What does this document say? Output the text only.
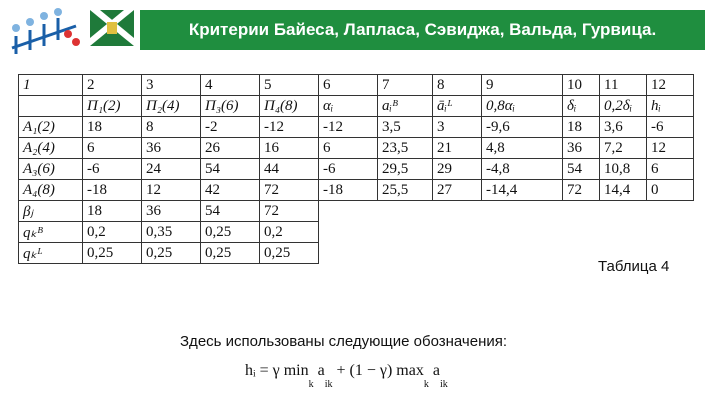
Критерии Байеса, Лапласа, Сэвиджа, Вальда, Гурвица.
1	2	3	4	5	6	7	8	9	10	11	12
	П₁(2)	П₂(4)	П₃(6)	П₄(8)	αᵢ	aᵢᴮ	āᵢᴸ	0,8αᵢ	δᵢ	0,2δᵢ	hᵢ
A₁(2)	18	8	-2	-12	-12	3,5	3	-9,6	18	3,6	-6
A₂(4)	6	36	26	16	6	23,5	21	4,8	36	7,2	12
A₃(6)	-6	24	54	44	-6	29,5	29	-4,8	54	10,8	6
A₄(8)	-18	12	42	72	-18	25,5	27	-14,4	72	14,4	0
βⱼ	18	36	54	72							
qₖᴮ	0,2	0,35	0,25	0,2							
qₖᴸ	0,25	0,25	0,25	0,25							
Таблица 4
Здесь использованы следующие обозначения:
hᵢ = γ $\min_k a_{ik} + (1 - \gamma)$ $\max_k a_{ik}$
